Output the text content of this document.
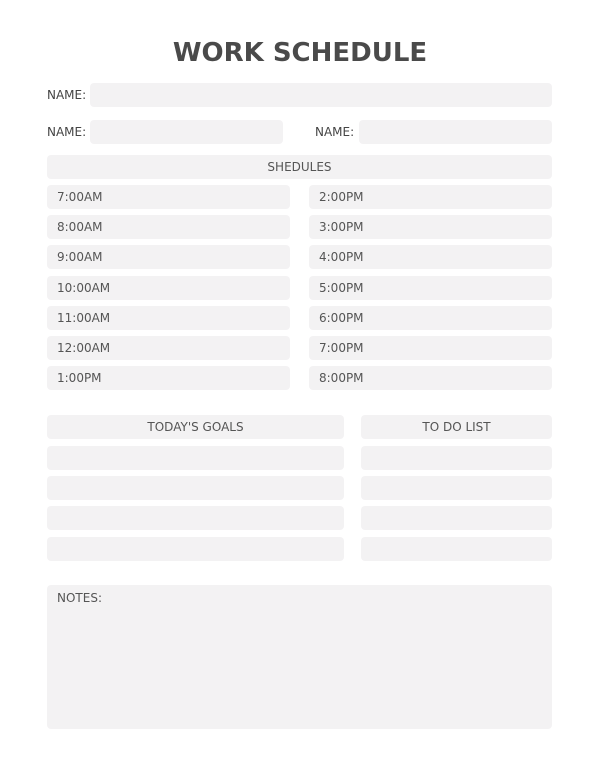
WORK SCHEDULE
NAME:
NAME:	NAME:
SHEDULES
7:00AM
8:00AM
9:00AM
10:00AM
11:00AM
12:00AM
1:00PM
2:00PM
3:00PM
4:00PM
5:00PM
6:00PM
7:00PM
8:00PM
TODAY'S GOALS	TO DO LIST
NOTES:
